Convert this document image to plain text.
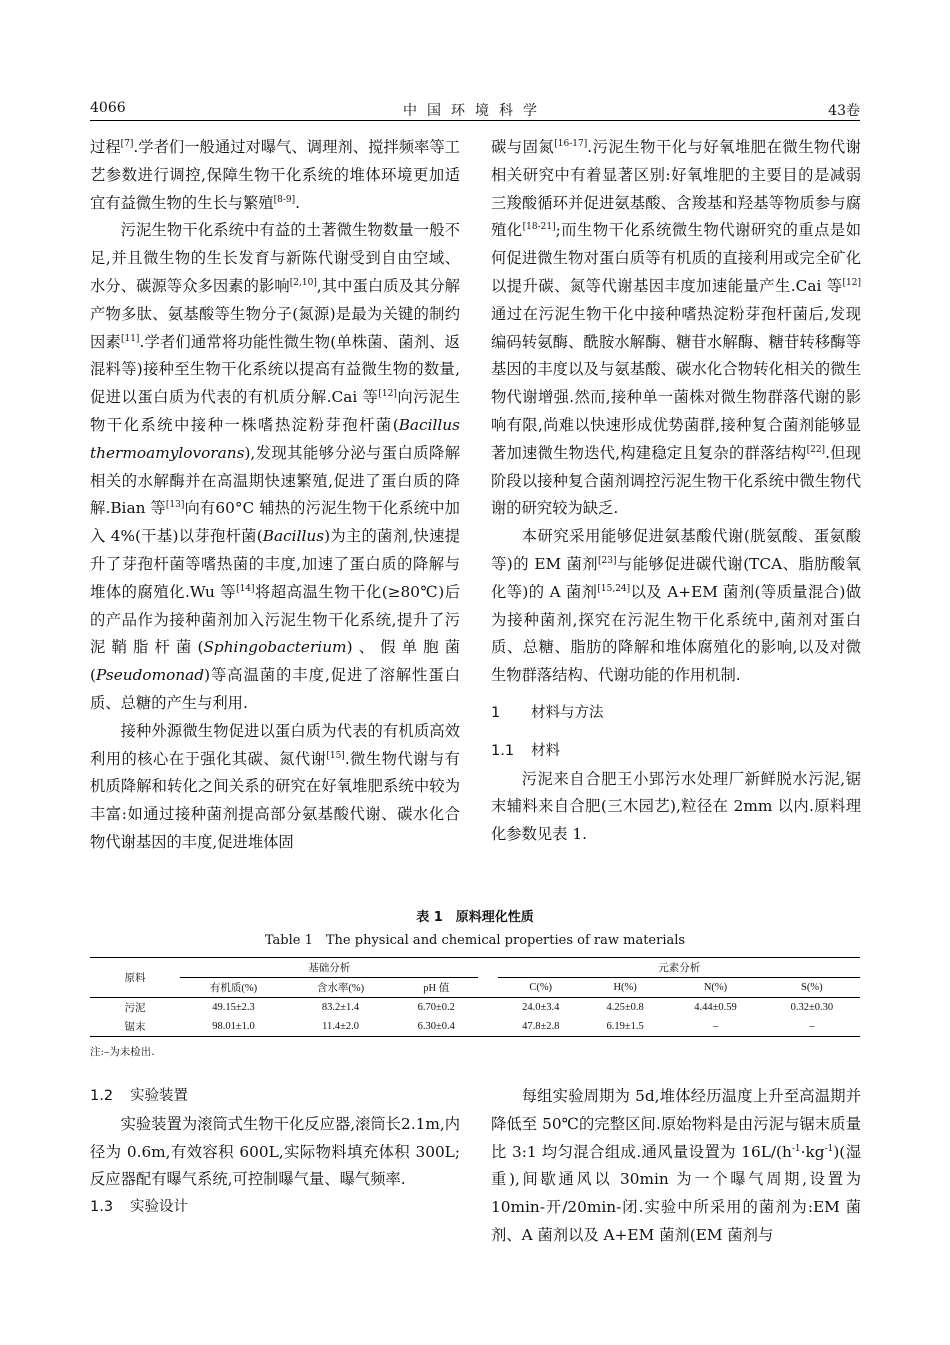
4066	中国环境科学	43卷

过程[7].学者们一般通过对曝气、调理剂、搅拌频率等工艺参数进行调控,保障生物干化系统的堆体环境更加适宜有益微生物的生长与繁殖[8-9].

污泥生物干化系统中有益的土著微生物数量一般不足,并且微生物的生长发育与新陈代谢受到自由空域、水分、碳源等众多因素的影响[2,10],其中蛋白质及其分解产物多肽、氨基酸等生物分子(氮源)是最为关键的制约因素[11].学者们通常将功能性微生物(单株菌、菌剂、返混料等)接种至生物干化系统以提高有益微生物的数量,促进以蛋白质为代表的有机质分解.Cai 等[12]向污泥生物干化系统中接种一株嗜热淀粉芽孢杆菌(Bacillus thermoamylovorans),发现其能够分泌与蛋白质降解相关的水解酶并在高温期快速繁殖,促进了蛋白质的降解.Bian 等[13]向有60°C 辅热的污泥生物干化系统中加入 4%(干基)以芽孢杆菌(Bacillus)为主的菌剂,快速提升了芽孢杆菌等嗜热菌的丰度,加速了蛋白质的降解与堆体的腐殖化.Wu 等[14]将超高温生物干化(≥80℃)后的产品作为接种菌剂加入污泥生物干化系统,提升了污泥鞘脂杆菌(Sphingobacterium)、假单胞菌(Pseudomonad)等高温菌的丰度,促进了溶解性蛋白质、总糖的产生与利用.

接种外源微生物促进以蛋白质为代表的有机质高效利用的核心在于强化其碳、氮代谢[15].微生物代谢与有机质降解和转化之间关系的研究在好氧堆肥系统中较为丰富:如通过接种菌剂提高部分氨基酸代谢、碳水化合物代谢基因的丰度,促进堆体固

碳与固氮[16-17].污泥生物干化与好氧堆肥在微生物代谢相关研究中有着显著区别:好氧堆肥的主要目的是减弱三羧酸循环并促进氨基酸、含羧基和羟基等物质参与腐殖化[18-21];而生物干化系统微生物代谢研究的重点是如何促进微生物对蛋白质等有机质的直接利用或完全矿化以提升碳、氮等代谢基因丰度加速能量产生.Cai 等[12]通过在污泥生物干化中接种嗜热淀粉芽孢杆菌后,发现编码转氨酶、酰胺水解酶、糖苷水解酶、糖苷转移酶等基因的丰度以及与氨基酸、碳水化合物转化相关的微生物代谢增强.然而,接种单一菌株对微生物群落代谢的影响有限,尚难以快速形成优势菌群,接种复合菌剂能够显著加速微生物迭代,构建稳定且复杂的群落结构[22].但现阶段以接种复合菌剂调控污泥生物干化系统中微生物代谢的研究较为缺乏.

本研究采用能够促进氨基酸代谢(胱氨酸、蛋氨酸等)的 EM 菌剂[23]与能够促进碳代谢(TCA、脂肪酸氧化等)的 A 菌剂[15,24]以及 A+EM 菌剂(等质量混合)做为接种菌剂,探究在污泥生物干化系统中,菌剂对蛋白质、总糖、脂肪的降解和堆体腐殖化的影响,以及对微生物群落结构、代谢功能的作用机制.

1 材料与方法

1.1 材料

污泥来自合肥王小郢污水处理厂新鲜脱水污泥,锯末辅料来自合肥(三木园艺),粒径在 2mm 以内.原料理化参数见表 1.

表 1　原料理化性质
Table 1　The physical and chemical properties of raw materials
原料	基础分析				元素分析			
	有机质(%)	含水率(%)	pH 值		C(%)	H(%)	N(%)	S(%)
污泥	49.15±2.3	83.2±1.4	6.70±0.2		24.0±3.4	4.25±0.8	4.44±0.59	0.32±0.30
锯末	98.01±1.0	11.4±2.0	6.30±0.4		47.8±2.8	6.19±1.5	–	–
注:–为未检出.

1.2 实验装置

实验装置为滚筒式生物干化反应器,滚筒长2.1m,内径为 0.6m,有效容积 600L,实际物料填充体积 300L;反应器配有曝气系统,可控制曝气量、曝气频率.

1.3 实验设计

每组实验周期为 5d,堆体经历温度上升至高温期并降低至 50℃的完整区间.原始物料是由污泥与锯末质量比 3:1 均匀混合组成.通风量设置为 $16L/(h^{-1}\cdot kg^{-1})$(湿重),间歇通风以 30min 为一个曝气周期,设置为 10min-开/20min-闭.实验中所采用的菌剂为:EM 菌剂、A 菌剂以及 A+EM 菌剂(EM 菌剂与
